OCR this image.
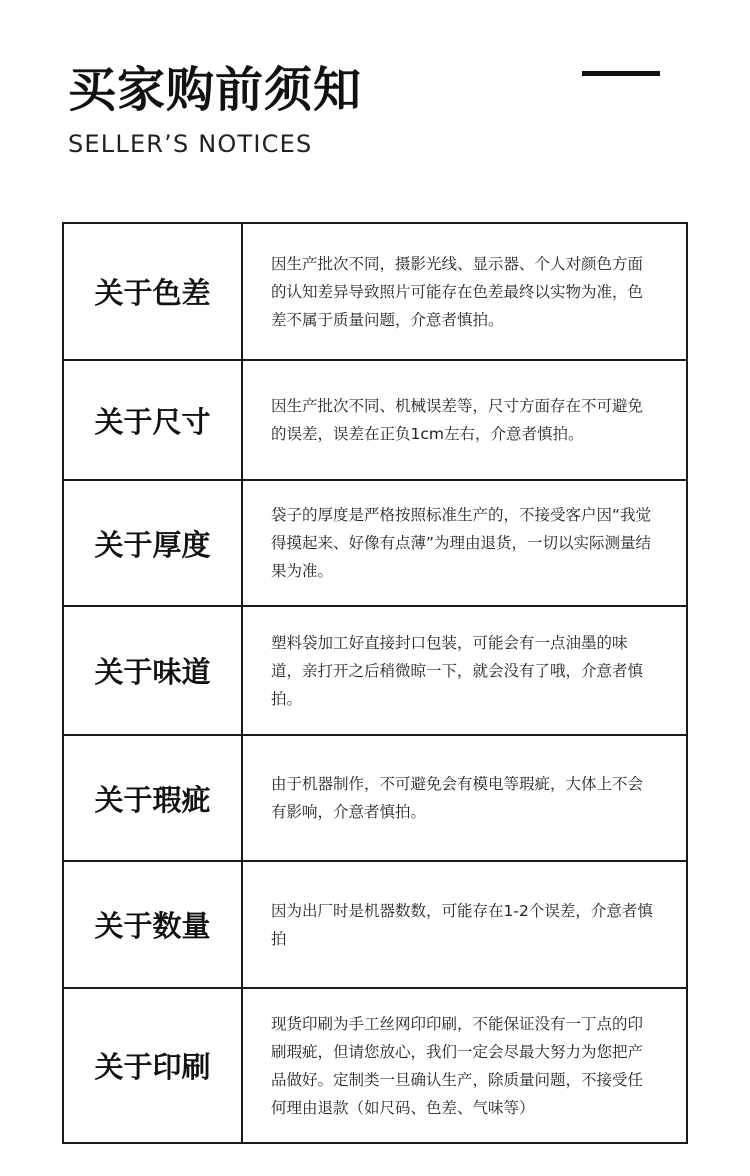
买家购前须知
SELLER’S NOTICES
关于色差	因生产批次不同，摄影光线、显示器、个人对颜色方面的认知差异导致照片可能存在色差最终以实物为准，色差不属于质量问题，介意者慎拍。
关于尺寸	因生产批次不同、机械误差等，尺寸方面存在不可避免的误差，误差在正负1cm左右，介意者慎拍。
关于厚度	袋子的厚度是严格按照标准生产的，不接受客户因“我觉得摸起来、好像有点薄”为理由退货，一切以实际测量结果为准。
关于味道	塑料袋加工好直接封口包装，可能会有一点油墨的味道，亲打开之后稍微晾一下，就会没有了哦，介意者慎拍。
关于瑕疵	由于机器制作，不可避免会有模电等瑕疵，大体上不会有影响，介意者慎拍。
关于数量	因为出厂时是机器数数，可能存在1-2个误差，介意者慎拍
关于印刷	现货印刷为手工丝网印印刷，不能保证没有一丁点的印刷瑕疵，但请您放心，我们一定会尽最大努力为您把产品做好。定制类一旦确认生产，除质量问题，不接受任何理由退款（如尺码、色差、气味等）
